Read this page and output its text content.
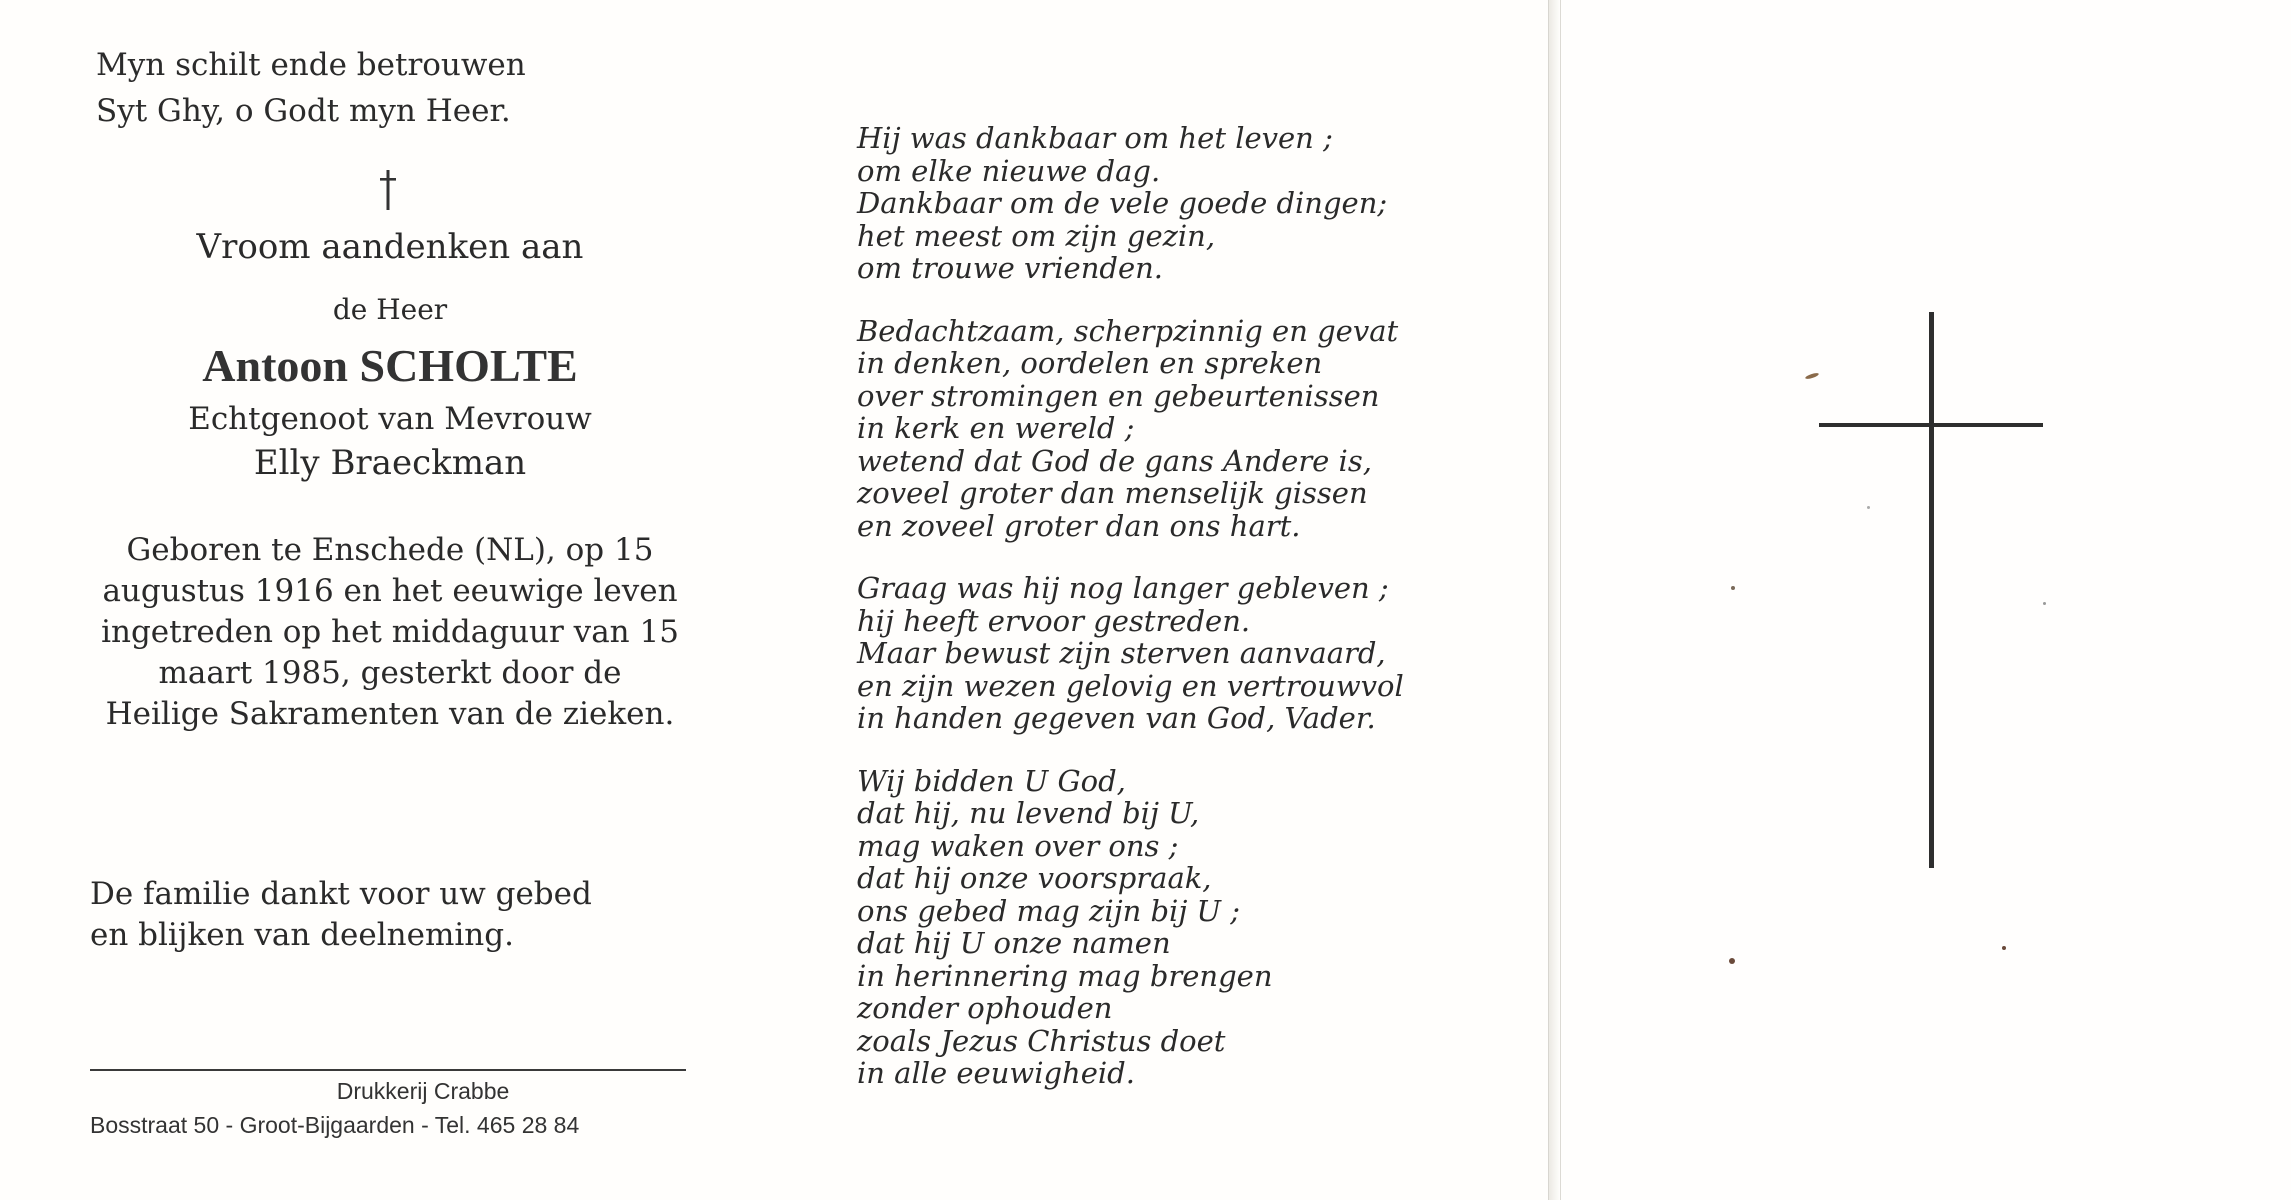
Myn schilt ende betrouwen
Syt Ghy, o Godt myn Heer.
Vroom aandenken aan
de Heer
Antoon SCHOLTE
Echtgenoot van Mevrouw
Elly Braeckman
Geboren te Enschede (NL), op 15 augustus 1916 en het eeuwige leven ingetreden op het middaguur van 15 maart 1985, gesterkt door de Heilige Sakramenten van de zieken.
De familie dankt voor uw gebed
en blijken van deelneming.
Drukkerij Crabbe
Bosstraat 50 - Groot-Bijgaarden - Tel. 465 28 84
Hij was dankbaar om het leven ;
om elke nieuwe dag.
Dankbaar om de vele goede dingen;
het meest om zijn gezin,
om trouwe vrienden.
Bedachtzaam, scherpzinnig en gevat
in denken, oordelen en spreken
over stromingen en gebeurtenissen
in kerk en wereld ;
wetend dat God de gans Andere is,
zoveel groter dan menselijk gissen
en zoveel groter dan ons hart.
Graag was hij nog langer gebleven ;
hij heeft ervoor gestreden.
Maar bewust zijn sterven aanvaard,
en zijn wezen gelovig en vertrouwvol
in handen gegeven van God, Vader.
Wij bidden U God,
dat hij, nu levend bij U,
mag waken over ons ;
dat hij onze voorspraak,
ons gebed mag zijn bij U ;
dat hij U onze namen
in herinnering mag brengen
zonder ophouden
zoals Jezus Christus doet
in alle eeuwigheid.
